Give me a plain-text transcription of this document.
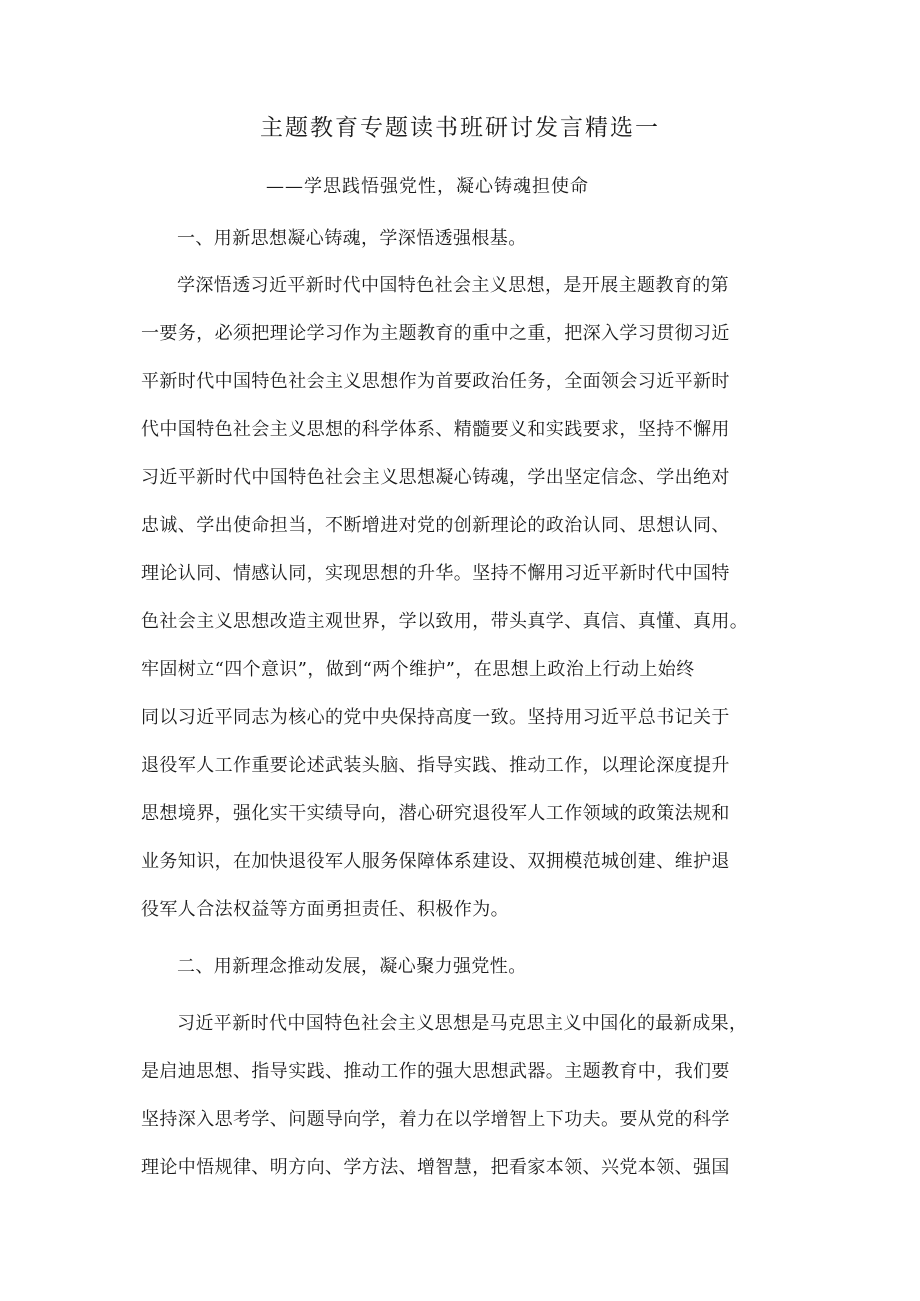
主题教育专题读书班研讨发言精选一
——学思践悟强党性，凝心铸魂担使命
一、用新思想凝心铸魂，学深悟透强根基。
学深悟透习近平新时代中国特色社会主义思想，是开展主题教育的第
一要务，必须把理论学习作为主题教育的重中之重，把深入学习贯彻习近
平新时代中国特色社会主义思想作为首要政治任务，全面领会习近平新时
代中国特色社会主义思想的科学体系、精髓要义和实践要求，坚持不懈用
习近平新时代中国特色社会主义思想凝心铸魂，学出坚定信念、学出绝对
忠诚、学出使命担当，不断增进对党的创新理论的政治认同、思想认同、
理论认同、情感认同，实现思想的升华。坚持不懈用习近平新时代中国特
色社会主义思想改造主观世界，学以致用，带头真学、真信、真懂、真用。
牢固树立“四个意识”，做到“两个维护”，在思想上政治上行动上始终
同以习近平同志为核心的党中央保持高度一致。坚持用习近平总书记关于
退役军人工作重要论述武装头脑、指导实践、推动工作，以理论深度提升
思想境界，强化实干实绩导向，潜心研究退役军人工作领域的政策法规和
业务知识，在加快退役军人服务保障体系建设、双拥模范城创建、维护退
役军人合法权益等方面勇担责任、积极作为。
二、用新理念推动发展，凝心聚力强党性。
习近平新时代中国特色社会主义思想是马克思主义中国化的最新成果，
是启迪思想、指导实践、推动工作的强大思想武器。主题教育中，我们要
坚持深入思考学、问题导向学，着力在以学增智上下功夫。要从党的科学
理论中悟规律、明方向、学方法、增智慧，把看家本领、兴党本领、强国
